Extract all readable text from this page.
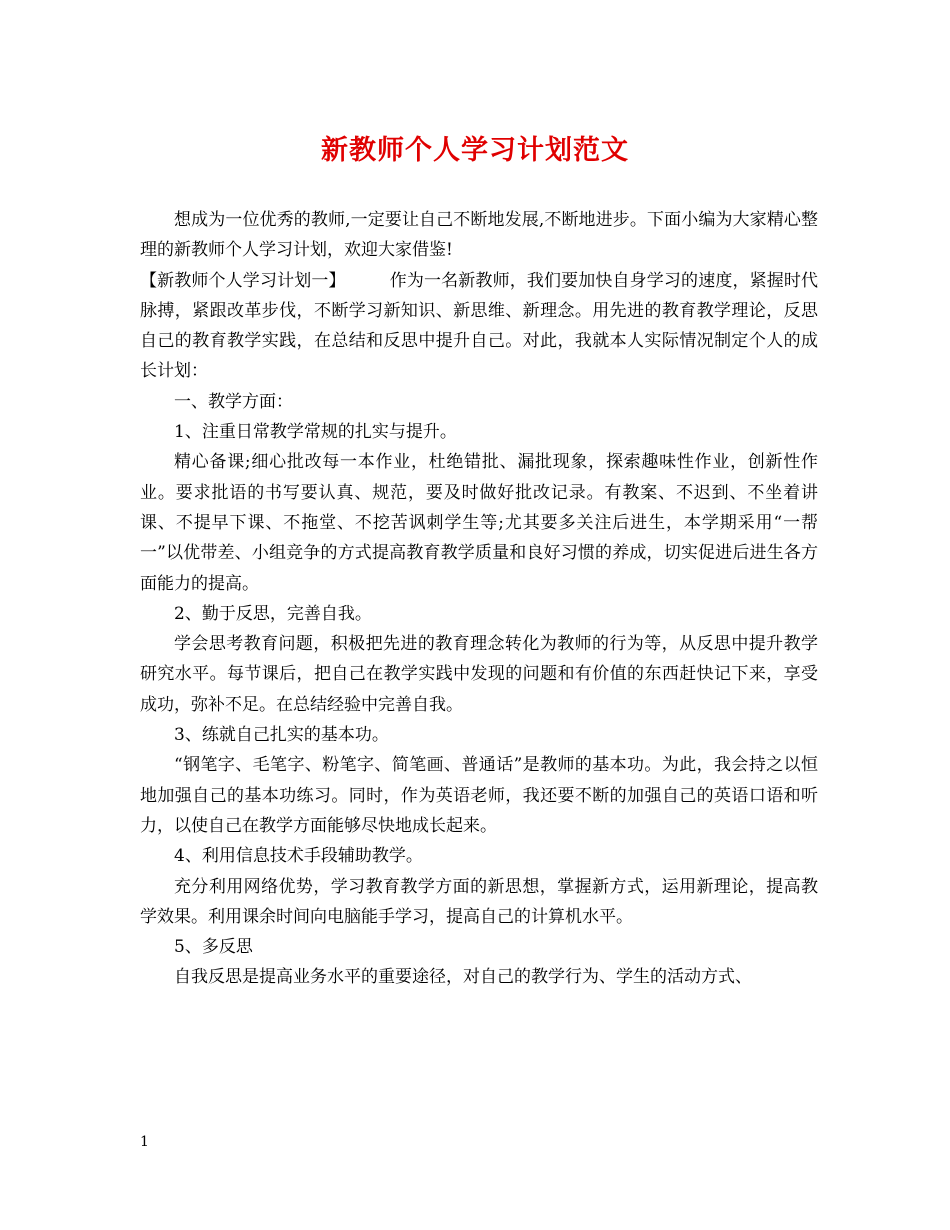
新教师个人学习计划范文

想成为一位优秀的教师,一定要让自己不断地发展,不断地进步。下面小编为大家精心整理的新教师个人学习计划，欢迎大家借鉴!

【新教师个人学习计划一】	作为一名新教师，我们要加快自身学习的速度，紧握时代脉搏，紧跟改革步伐，不断学习新知识、新思维、新理念。用先进的教育教学理论，反思自己的教育教学实践，在总结和反思中提升自己。对此，我就本人实际情况制定个人的成长计划：

一、教学方面：

1、注重日常教学常规的扎实与提升。

精心备课;细心批改每一本作业，杜绝错批、漏批现象，探索趣味性作业，创新性作业。要求批语的书写要认真、规范，要及时做好批改记录。有教案、不迟到、不坐着讲课、不提早下课、不拖堂、不挖苦讽刺学生等;尤其要多关注后进生，本学期采用“一帮一”以优带差、小组竞争的方式提高教育教学质量和良好习惯的养成，切实促进后进生各方面能力的提高。

2、勤于反思，完善自我。

学会思考教育问题，积极把先进的教育理念转化为教师的行为等，从反思中提升教学研究水平。每节课后，把自己在教学实践中发现的问题和有价值的东西赶快记下来，享受成功，弥补不足。在总结经验中完善自我。

3、练就自己扎实的基本功。

“钢笔字、毛笔字、粉笔字、简笔画、普通话”是教师的基本功。为此，我会持之以恒地加强自己的基本功练习。同时，作为英语老师，我还要不断的加强自己的英语口语和听力，以使自己在教学方面能够尽快地成长起来。

4、利用信息技术手段辅助教学。

充分利用网络优势，学习教育教学方面的新思想，掌握新方式，运用新理论，提高教学效果。利用课余时间向电脑能手学习，提高自己的计算机水平。

5、多反思

自我反思是提高业务水平的重要途径，对自己的教学行为、学生的活动方式、

1
